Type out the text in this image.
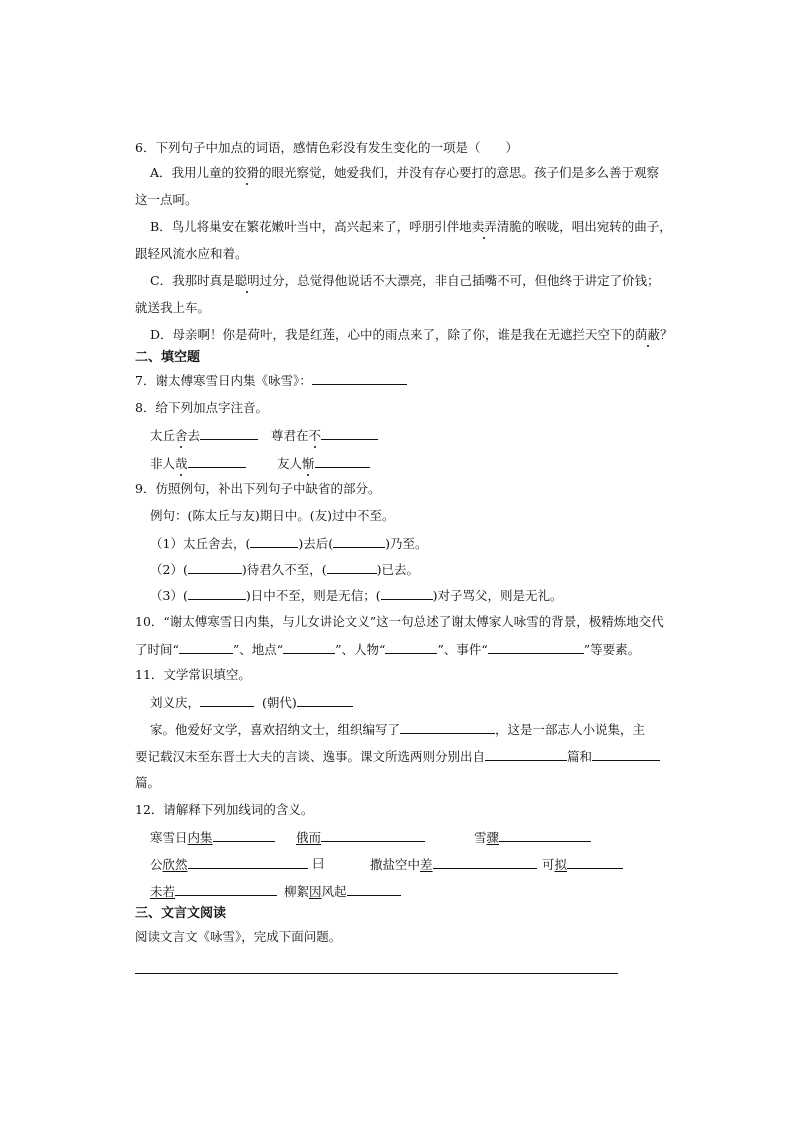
6．下列句子中加点的词语，感情色彩没有发生变化的一项是（　　）
A．我用儿童的狡猾的眼光察觉，她爱我们，并没有存心要打的意思。孩子们是多么善于观察
这一点呵。
B．鸟儿将巢安在繁花嫩叶当中，高兴起来了，呼朋引伴地卖弄清脆的喉咙，唱出宛转的曲子，
跟轻风流水应和着。
C．我那时真是聪明过分，总觉得他说话不大漂亮，非自己插嘴不可，但他终于讲定了价钱；
就送我上车。
D．母亲啊！你是荷叶，我是红莲，心中的雨点来了，除了你，谁是我在无遮拦天空下的荫蔽？
二、填空题
7．谢太傅寒雪日内集《咏雪》：
8．给下列加点字注音。
太丘舍去	尊君在不
非人哉	友人惭
9．仿照例句，补出下列句子中缺省的部分。
例句：(陈太丘与友)期日中。(友)过中不至。
（1）太丘舍去，(	)去后(	)乃至。
（2）(	)待君久不至，(	)已去。
（3）(	)日中不至，则是无信；(	)对子骂父，则是无礼。
10．“谢太傅寒雪日内集，与儿女讲论文义”这一句总述了谢太傅家人咏雪的背景，极精炼地交代
了时间“	”、地点“	”、人物“	”、事件“	”等要素。
11．文学常识填空。
刘义庆，	(朝代)
家。他爱好文学，喜欢招纳文士，组织编写了	，这是一部志人小说集，主
要记载汉末至东晋士大夫的言谈、逸事。课文所选两则分别出自	篇和
篇。
12．请解释下列加线词的含义。
寒雪日内集	俄而	雪骤
公欣然	曰	撒盐空中差	可拟
未若	柳絮因风起
三、文言文阅读
阅读文言文《咏雪》，完成下面问题。
